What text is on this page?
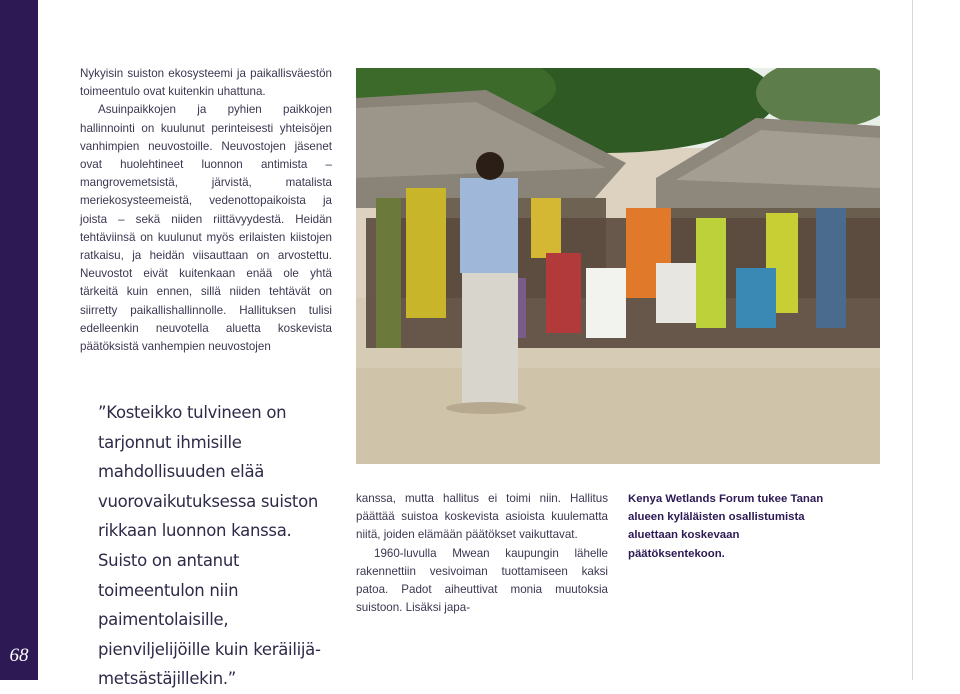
68

Nykyisin suiston ekosysteemi ja paikallisväestön toimeentulo ovat kuitenkin uhattuna.

Asuinpaikkojen ja pyhien paikkojen hallinnointi on kuulunut perinteisesti yhteisöjen vanhimpien neuvostoille. Neuvostojen jäsenet ovat huolehtineet luonnon antimista – mangrovemetsistä, järvistä, matalista meriekosysteemeistä, vedenottopaikoista ja joista – sekä niiden riittävyydestä. Heidän tehtäviinsä on kuulunut myös erilaisten kiistojen ratkaisu, ja heidän viisauttaan on arvostettu. Neuvostot eivät kuitenkaan enää ole yhtä tärkeitä kuin ennen, sillä niiden tehtävät on siirretty paikallishallinnolle. Hallituksen tulisi edelleenkin neuvotella aluetta koskevista päätöksistä vanhempien neuvostojen

”Kosteikko tulvineen on tarjonnut ihmisille mahdollisuuden elää vuorovaikutuksessa suiston rikkaan luonnon kanssa. Suisto on antanut toimeentulon niin paimentolaisille, pienviljelijöille kuin keräilijä-metsästäjillekin.”

kanssa, mutta hallitus ei toimi niin. Hallitus päättää suistoa koskevista asioista kuulematta niitä, joiden elämään päätökset vaikuttavat.

1960-luvulla Mwean kaupungin lähelle rakennettiin vesivoiman tuottamiseen kaksi patoa. Padot aiheuttivat monia muutoksia suistoon. Lisäksi japa-

Kenya Wetlands Forum tukee Tanan alueen kyläläisten osallistumista aluettaan koskevaan päätöksentekoon.
